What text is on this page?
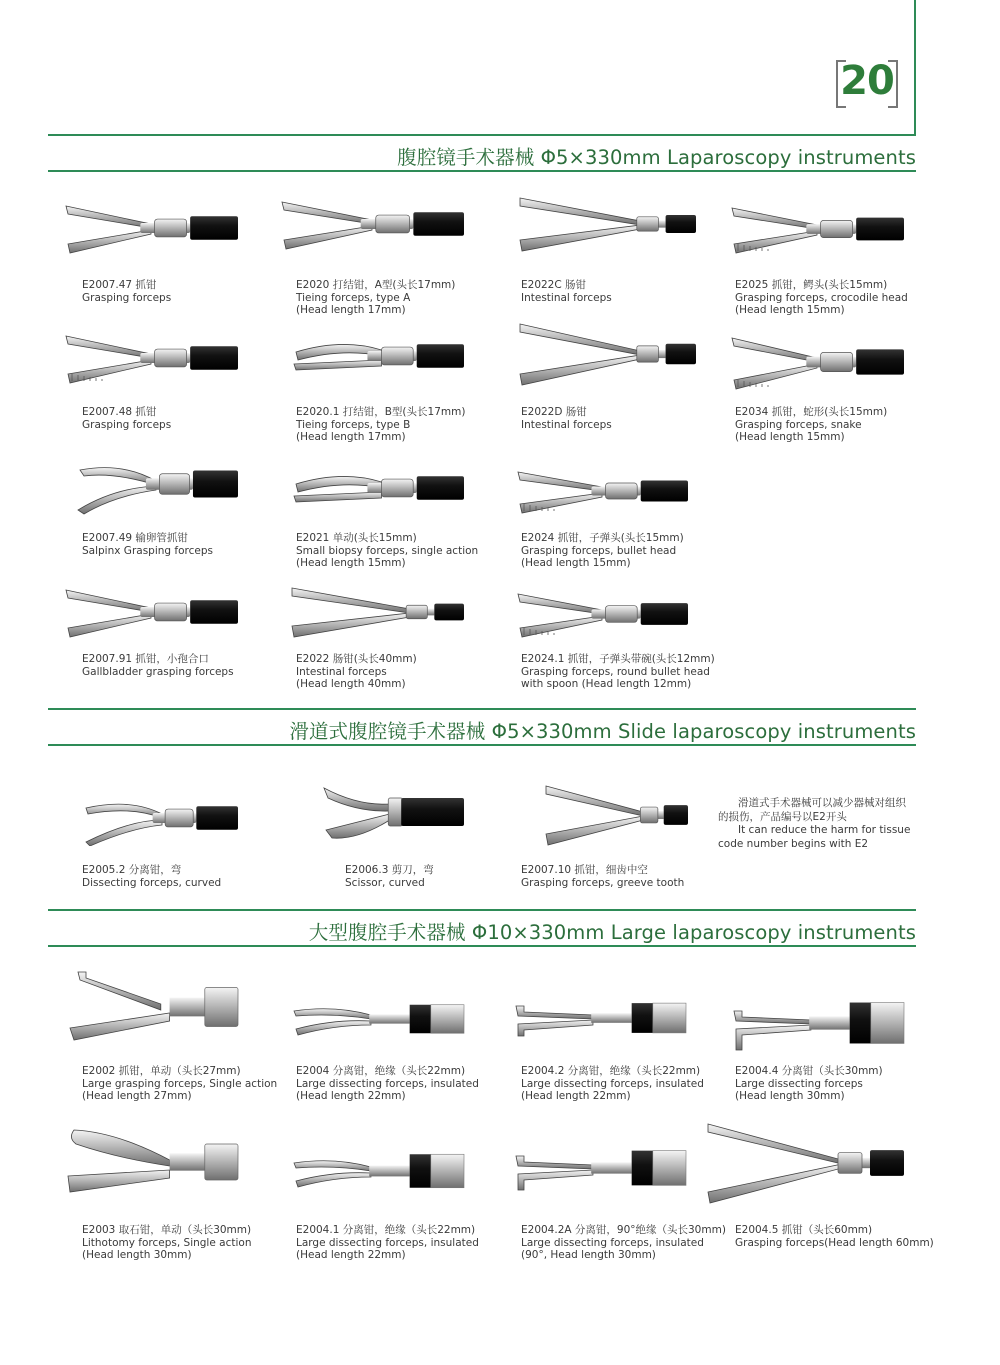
20
腹腔镜手术器械 Φ5×330mm Laparoscopy instruments
滑道式腹腔镜手术器械 Φ5×330mm Slide laparoscopy instruments
大型腹腔手术器械 Φ10×330mm Large laparoscopy instruments
E2007.47 抓钳
Grasping forceps
E2020 打结钳，A型(头长17mm)
Tieing forceps, type A
(Head length 17mm)
E2022C 肠钳
Intestinal forceps
E2025 抓钳，鳄头(头长15mm)
Grasping forceps, crocodile head
(Head length 15mm)
E2007.48 抓钳
Grasping forceps
E2020.1 打结钳，B型(头长17mm)
Tieing forceps, type B
(Head length 17mm)
E2022D 肠钳
Intestinal forceps
E2034 抓钳，蛇形(头长15mm)
Grasping forceps, snake
(Head length 15mm)
E2007.49 输卵管抓钳
Salpinx Grasping forceps
E2021 单动(头长15mm)
Small biopsy forceps, single action
(Head length 15mm)
E2024 抓钳，子弹头(头长15mm)
Grasping forceps, bullet head
(Head length 15mm)
E2007.91 抓钳，小孢合口
Gallbladder grasping forceps
E2022 肠钳(头长40mm)
Intestinal forceps
(Head length 40mm)
E2024.1 抓钳，子弹头带碗(头长12mm)
Grasping forceps, round bullet head
with spoon (Head length 12mm)
E2005.2 分离钳，弯
Dissecting forceps, curved
E2006.3 剪刀，弯
Scissor, curved
E2007.10 抓钳，细齿中空
Grasping forceps, greeve tooth
E2002 抓钳，单动（头长27mm)
Large grasping forceps, Single action
(Head length 27mm)
E2004 分离钳，绝缘（头长22mm)
Large dissecting forceps, insulated
(Head length 22mm)
E2004.2 分离钳，绝缘（头长22mm)
Large dissecting forceps, insulated
(Head length 22mm)
E2004.4 分离钳（头长30mm)
Large dissecting forceps
(Head length 30mm)
E2003 取石钳，单动（头长30mm)
Lithotomy forceps, Single action
(Head length 30mm)
E2004.1 分离钳，绝缘（头长22mm)
Large dissecting forceps, insulated
(Head length 22mm)
E2004.2A 分离钳，90°绝缘（头长30mm)
Large dissecting forceps, insulated
(90°, Head length 30mm)
E2004.5 抓钳（头长60mm)
Grasping forceps(Head length 60mm)
滑道式手术器械可以减少器械对组织
的损伤，产品编号以E2开头
It can reduce the harm for tissue
code number begins with E2
